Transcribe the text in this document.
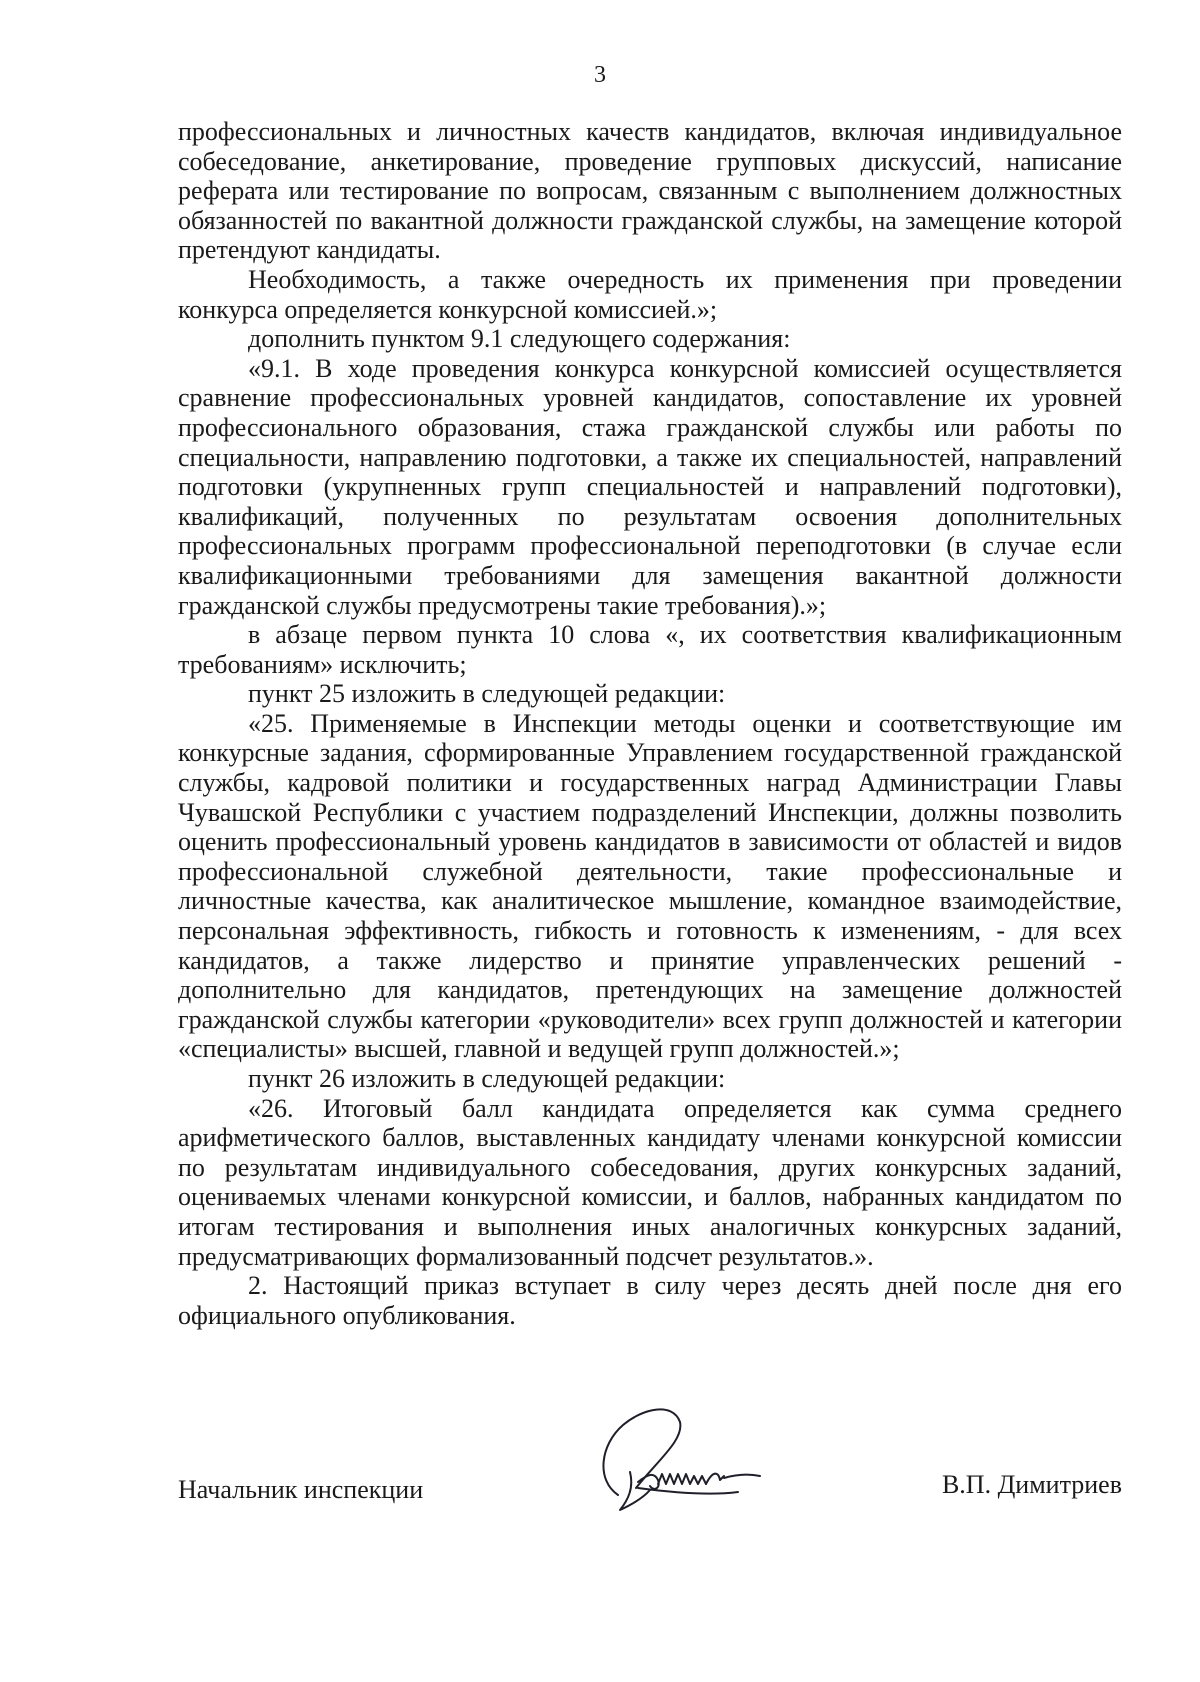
3

профессиональных и личностных качеств кандидатов, включая индивидуальное собеседование, анкетирование, проведение групповых дискуссий, написание реферата или тестирование по вопросам, связанным с выполнением должностных обязанностей по вакантной должности гражданской службы, на замещение которой претендуют кандидаты.

Необходимость, а также очередность их применения при проведении конкурса определяется конкурсной комиссией.»;

дополнить пунктом 9.1 следующего содержания:

«9.1. В ходе проведения конкурса конкурсной комиссией осуществляется сравнение профессиональных уровней кандидатов, сопоставление их уровней профессионального образования, стажа гражданской службы или работы по специальности, направлению подготовки, а также их специальностей, направлений подготовки (укрупненных групп специальностей и направлений подготовки), квалификаций, полученных по результатам освоения дополнительных профессиональных программ профессиональной переподготовки (в случае если квалификационными требованиями для замещения вакантной должности гражданской службы предусмотрены такие требования).»;

в абзаце первом пункта 10 слова «, их соответствия квалификационным требованиям» исключить;

пункт 25 изложить в следующей редакции:

«25. Применяемые в Инспекции методы оценки и соответствующие им конкурсные задания, сформированные Управлением государственной гражданской службы, кадровой политики и государственных наград Администрации Главы Чувашской Республики с участием подразделений Инспекции, должны позволить оценить профессиональный уровень кандидатов в зависимости от областей и видов профессиональной служебной деятельности, такие профессиональные и личностные качества, как аналитическое мышление, командное взаимодействие, персональная эффективность, гибкость и готовность к изменениям, - для всех кандидатов, а также лидерство и принятие управленческих решений - дополнительно для кандидатов, претендующих на замещение должностей гражданской службы категории «руководители» всех групп должностей и категории «специалисты» высшей, главной и ведущей групп должностей.»;

пункт 26 изложить в следующей редакции:

«26. Итоговый балл кандидата определяется как сумма среднего арифметического баллов, выставленных кандидату членами конкурсной комиссии по результатам индивидуального собеседования, других конкурсных заданий, оцениваемых членами конкурсной комиссии, и баллов, набранных кандидатом по итогам тестирования и выполнения иных аналогичных конкурсных заданий, предусматривающих формализованный подсчет результатов.».

2. Настоящий приказ вступает в силу через десять дней после дня его официального опубликования.

Начальник инспекции	В.П. Димитриев
